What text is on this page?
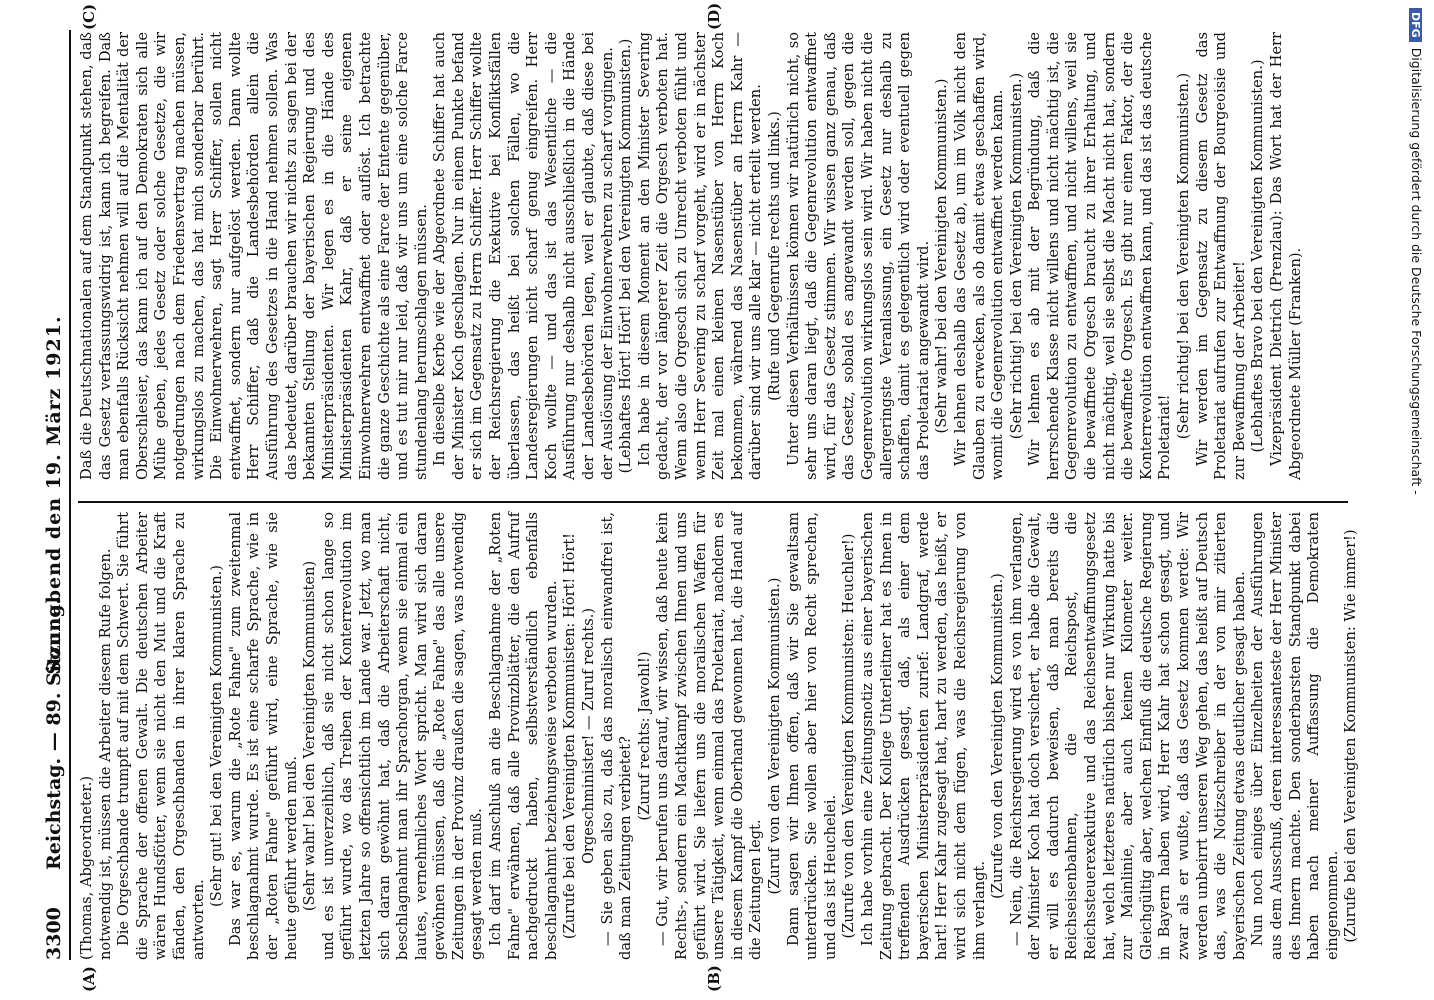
3300
Reichstag. — 89. Sitzung.
Sonnabend den 19. März 1921.
(A)	(B)
(C)	(D)

(Thomas, Abgeordneter.) notwendig ist, müssen die Arbeiter diesem Rufe folgen. Die Orgeschbande trumpft auf mit dem Schwert. Sie führt die Sprache der offenen Gewalt. Die deutschen Arbeiter wären Hundsfötter, wenn sie nicht den Mut und die Kraft fänden, den Orgeschbanden in ihrer klaren Sprache zu antworten.

(Sehr gut! bei den Vereinigten Kommunisten.) Das war es, warum die „Rote Fahne" zum zweitenmal beschlagnahmt wurde. Es ist eine scharfe Sprache, wie in der „Roten Fahne" geführt wird, eine Sprache, wie sie heute geführt werden muß. (Sehr wahr! bei den Vereinigten Kommunisten) und es ist unverzeihlich, daß sie nicht schon lange so geführt wurde, wo das Treiben der Konterrevolution im letzten Jahre so offensichtlich im Lande war. Jetzt, wo man sich daran gewöhnt hat, daß die Arbeiterschaft nicht, beschlagnahmt man ihr Sprachorgan, wenn sie einmal ein lautes, vernehmliches Wort spricht. Man wird sich daran gewöhnen müssen, daß die „Rote Fahne" das alle unsere Zeitungen in der Provinz draußen die sagen, was notwendig gesagt werden muß. Ich darf im Anschluß an die Beschlagnahme der „Roten Fahne" erwähnen, daß alle Provinzblätter, die den Aufruf nachgedruckt haben, selbstverständlich ebenfalls beschlagnahmt beziehungsweise verboten wurden. (Zurufe bei den Vereinigten Kommunisten: Hört! Hört! Orgeschminister! — Zuruf rechts.) — Sie geben also zu, daß das moralisch einwandfrei ist, daß man Zeitungen verbietet?

(Zuruf rechts: Jawohl!) — Gut, wir berufen uns darauf, wir wissen, daß heute kein Rechts-, sondern ein Machtkampf zwischen Ihnen und uns geführt wird. Sie liefern uns die moralischen Waffen für unsere Tätigkeit, wenn einmal das Proletariat, nachdem es in diesem Kampf die Oberhand gewonnen hat, die Hand auf die Zeitungen legt. (Zuruf von den Vereinigten Kommunisten.) Dann sagen wir Ihnen offen, daß wir Sie gewaltsam unterdrücken. Sie wollen aber hier von Recht sprechen, und das ist Heuchelei. (Zurufe von den Vereinigten Kommunisten: Heuchler!) Ich habe vorhin eine Zeitungsnotiz aus einer bayerischen Zeitung gebracht. Der Kollege Unterleitner hat es Ihnen in treffenden Ausdrücken gesagt, daß, als einer dem bayerischen Ministerpräsidenten zurief: Landgraf, werde hart! Herr Kahr zugesagt hat, hart zu werden, das heißt, er wird sich nicht dem fügen, was die Reichsregierung von ihm verlangt.

(Zurufe von den Vereinigten Kommunisten.) — Nein, die Reichsregierung wird es von ihm verlangen, der Minister Koch hat doch versichert, er habe die Gewalt, er will es dadurch beweisen, daß man bereits die Reichseisenbahnen, die Reichspost, die Reichssteuerexekutive und das Reichsentwaffnungsgesetz hat, welch letzteres natürlich bisher nur Wirkung hatte bis zur Mainlinie, aber auch keinen Kilometer weiter. Gleichgültig aber, welchen Einfluß die deutsche Regierung in Bayern haben wird, Herr Kahr hat schon gesagt, und zwar als er wußte, daß das Gesetz kommen werde: Wir werden unbeirrt unseren Weg gehen, das heißt auf Deutsch das, was die Notizschreiber in der von mir zitierten bayerischen Zeitung etwas deutlicher gesagt haben. Nun noch einiges über Einzelheiten der Ausführungen aus dem Ausschuß, deren interessanteste der Herr Minister des Innern machte. Den sonderbarsten Standpunkt dabei haben nach meiner Auffassung die Demokraten eingenommen. (Zurufe bei den Vereinigten Kommunisten: Wie immer!)

Daß die Deutschnationalen auf dem Standpunkt stehen, daß das Gesetz verfassungswidrig ist, kann ich begreifen. Daß man ebenfalls Rücksicht nehmen will auf die Mentalität der Oberschlesier, das kann ich auf den Demokraten sich alle Mühe geben, jedes Gesetz oder solche Gesetze, die wir notgedrungen nach dem Friedensvertrag machen müssen, wirkungslos zu machen, das hat mich sonderbar berührt. Die Einwohnerwehren, sagt Herr Schiffer, sollen nicht entwaffnet, sondern nur aufgelöst werden. Dann wollte Herr Schiffer, daß die Landesbehörden allein die Ausführung des Gesetzes in die Hand nehmen sollen. Was das bedeutet, darüber brauchen wir nichts zu sagen bei der bekannten Stellung der bayerischen Regierung und des Ministerpräsidenten. Wir legen es in die Hände des Ministerpräsidenten Kahr, daß er seine eigenen Einwohnerwehren entwaffnet oder auflöst. Ich betrachte die ganze Geschichte als eine Farce der Entente gegenüber, und es tut mir nur leid, daß wir uns um eine solche Farce stundenlang herumschlagen müssen. In dieselbe Kerbe wie der Abgeordnete Schiffer hat auch der Minister Koch geschlagen. Nur in einem Punkte befand er sich im Gegensatz zu Herrn Schiffer. Herr Schiffer wollte der Reichsregierung die Exekutive bei Konfliktsfällen überlassen, das heißt bei solchen Fällen, wo die Landesregierungen nicht scharf genug eingreifen. Herr Koch wollte — und das ist das Wesentliche — die Ausführung nur deshalb nicht ausschließlich in die Hände der Landesbehörden legen, weil er glaubte, daß diese bei der Auslösung der Einwohnerwehren zu scharf vorgingen. (Lebhaftes Hört! Hört! bei den Vereinigten Kommunisten.) Ich habe in diesem Moment an den Minister Severing gedacht, der vor längerer Zeit die Orgesch verboten hat. Wenn also die Orgesch sich zu Unrecht verboten fühlt und wenn Herr Severing zu scharf vorgeht, wird er in nächster Zeit mal einen kleinen Nasenstüber von Herrn Koch bekommen, während das Nasenstüber an Herrn Kahr — darüber sind wir uns alle klar — nicht erteilt werden. (Rufe und Gegenrufe rechts und links.) Unter diesen Verhältnissen können wir natürlich nicht, so sehr uns daran liegt, daß die Gegenrevolution entwaffnet wird, für das Gesetz stimmen. Wir wissen ganz genau, daß das Gesetz, sobald es angewandt werden soll, gegen die Gegenrevolution wirkungslos sein wird. Wir haben nicht die allergeringste Veranlassung, ein Gesetz nur deshalb zu schaffen, damit es gelegentlich wird oder eventuell gegen das Proletariat angewandt wird. (Sehr wahr! bei den Vereinigten Kommunisten.) Wir lehnen deshalb das Gesetz ab, um im Volk nicht den Glauben zu erwecken, als ob damit etwas geschaffen wird, womit die Gegenrevolution entwaffnet werden kann. (Sehr richtig! bei den Vereinigten Kommunisten.) Wir lehnen es ab mit der Begründung, daß die herrschende Klasse nicht willens und nicht mächtig ist, die Gegenrevolution zu entwaffnen, und nicht willens, weil sie die bewaffnete Orgesch braucht zu ihrer Erhaltung, und nicht mächtig, weil sie selbst die Macht nicht hat, sondern die bewaffnete Orgesch. Es gibt nur einen Faktor, der die Konterrevolution entwaffnen kann, und das ist das deutsche Proletariat! (Sehr richtig! bei den Vereinigten Kommunisten.) Wir werden im Gegensatz zu diesem Gesetz das Proletariat aufrufen zur Entwaffnung der Bourgeoisie und zur Bewaffnung der Arbeiter! (Lebhaftes Bravo bei den Vereinigten Kommunisten.) Vizepräsident Dietrich (Prenzlau): Das Wort hat der Herr Abgeordnete Müller (Franken).

DFGDigitalisierung gefördert durch die Deutsche Forschungsgemeinschaft -
